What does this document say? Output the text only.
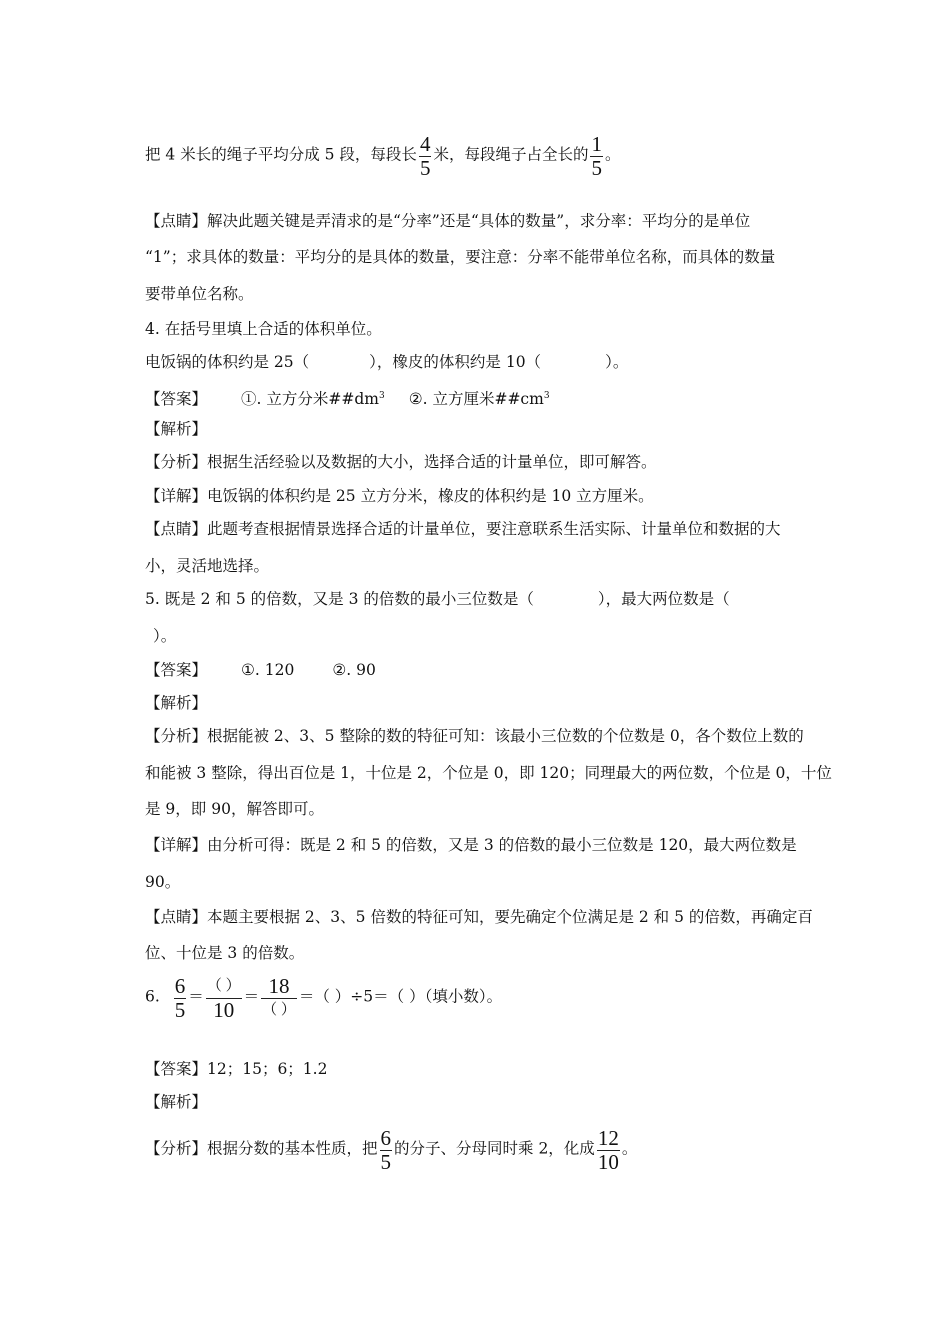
把 4 米长的绳子平均分成 5 段，每段长 $\frac{4}{5}$ 米，每段绳子占全长的 $\frac{1}{5}$ 。
【点睛】解决此题关键是弄清求的是“分率”还是“具体的数量”，求分率：平均分的是单位
“1”；求具体的数量：平均分的是具体的数量，要注意：分率不能带单位名称，而具体的数量
要带单位名称。
4. 在括号里填上合适的体积单位。
电饭锅的体积约是 25（	），橡皮的体积约是 10（	）。
【答案】 ①. 立方分米$\#\#dm^3$ ②. 立方厘米$\#\#cm^3$
【解析】
【分析】根据生活经验以及数据的大小，选择合适的计量单位，即可解答。
【详解】电饭锅的体积约是 25 立方分米，橡皮的体积约是 10 立方厘米。
【点睛】此题考查根据情景选择合适的计量单位，要注意联系生活实际、计量单位和数据的大
小，灵活地选择。
5. 既是 2 和 5 的倍数，又是 3 的倍数的最小三位数是（	），最大两位数是（
）。
【答案】 ①. 120 ②. 90
【解析】
【分析】根据能被 2、3、5 整除的数的特征可知：该最小三位数的个位数是 0，各个数位上数的
和能被 3 整除，得出百位是 1，十位是 2，个位是 0，即 120；同理最大的两位数，个位是 0，十位
是 9，即 90，解答即可。
【详解】由分析可得：既是 2 和 5 的倍数，又是 3 的倍数的最小三位数是 120，最大两位数是
90。
【点睛】本题主要根据 2、3、5 倍数的特征可知，要先确定个位满足是 2 和 5 的倍数，再确定百
位、十位是 3 的倍数。
6. $\frac{6}{5} = \frac{( )}{10} = \frac{18}{( )}$ ＝（ ）÷5＝（ ）（填小数）。
【答案】12；15；6；1.2
【解析】
【分析】根据分数的基本性质，把 $\frac{6}{5}$ 的分子、分母同时乘 2，化成 $\frac{12}{10}$ 。
